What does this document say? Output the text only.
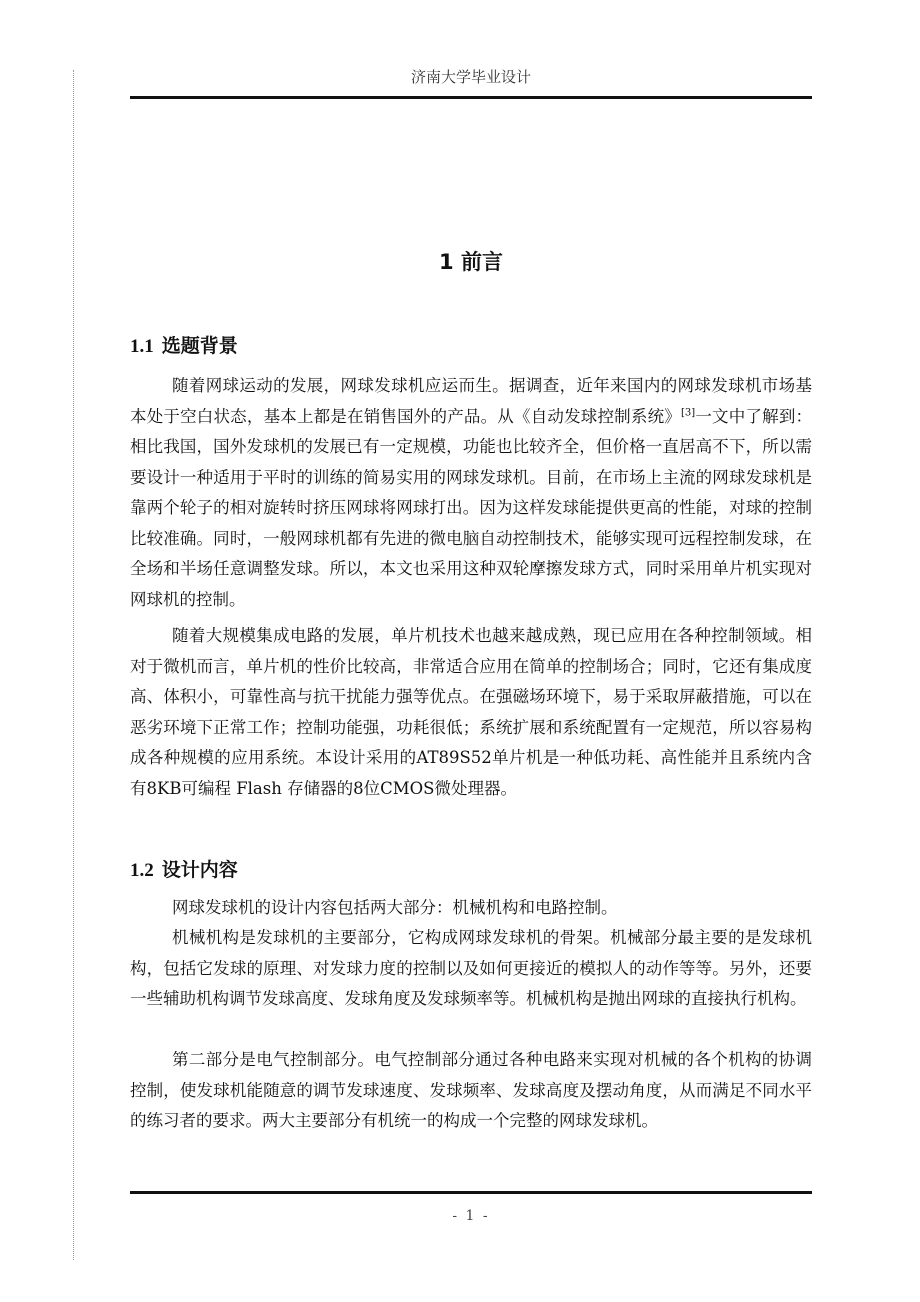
济南大学毕业设计
1 前言
1.1 选题背景

随着网球运动的发展，网球发球机应运而生。据调查，近年来国内的网球发球机市场基本处于空白状态，基本上都是在销售国外的产品。从《自动发球控制系统》[3]一文中了解到：相比我国，国外发球机的发展已有一定规模，功能也比较齐全，但价格一直居高不下，所以需要设计一种适用于平时的训练的简易实用的网球发球机。目前，在市场上主流的网球发球机是靠两个轮子的相对旋转时挤压网球将网球打出。因为这样发球能提供更高的性能，对球的控制比较准确。同时，一般网球机都有先进的微电脑自动控制技术，能够实现可远程控制发球，在全场和半场任意调整发球。所以，本文也采用这种双轮摩擦发球方式，同时采用单片机实现对网球机的控制。

随着大规模集成电路的发展，单片机技术也越来越成熟，现已应用在各种控制领域。相对于微机而言，单片机的性价比较高，非常适合应用在简单的控制场合；同时，它还有集成度高、体积小，可靠性高与抗干扰能力强等优点。在强磁场环境下，易于采取屏蔽措施，可以在恶劣环境下正常工作；控制功能强，功耗很低；系统扩展和系统配置有一定规范，所以容易构成各种规模的应用系统。本设计采用的AT89S52单片机是一种低功耗、高性能并且系统内含有8KB可编程 Flash 存储器的8位CMOS微处理器。

1.2 设计内容

网球发球机的设计内容包括两大部分：机械机构和电路控制。

机械机构是发球机的主要部分，它构成网球发球机的骨架。机械部分最主要的是发球机构，包括它发球的原理、对发球力度的控制以及如何更接近的模拟人的动作等等。另外，还要一些辅助机构调节发球高度、发球角度及发球频率等。机械机构是抛出网球的直接执行机构。

第二部分是电气控制部分。电气控制部分通过各种电路来实现对机械的各个机构的协调控制，使发球机能随意的调节发球速度、发球频率、发球高度及摆动角度，从而满足不同水平的练习者的要求。两大主要部分有机统一的构成一个完整的网球发球机。

- 1 -
